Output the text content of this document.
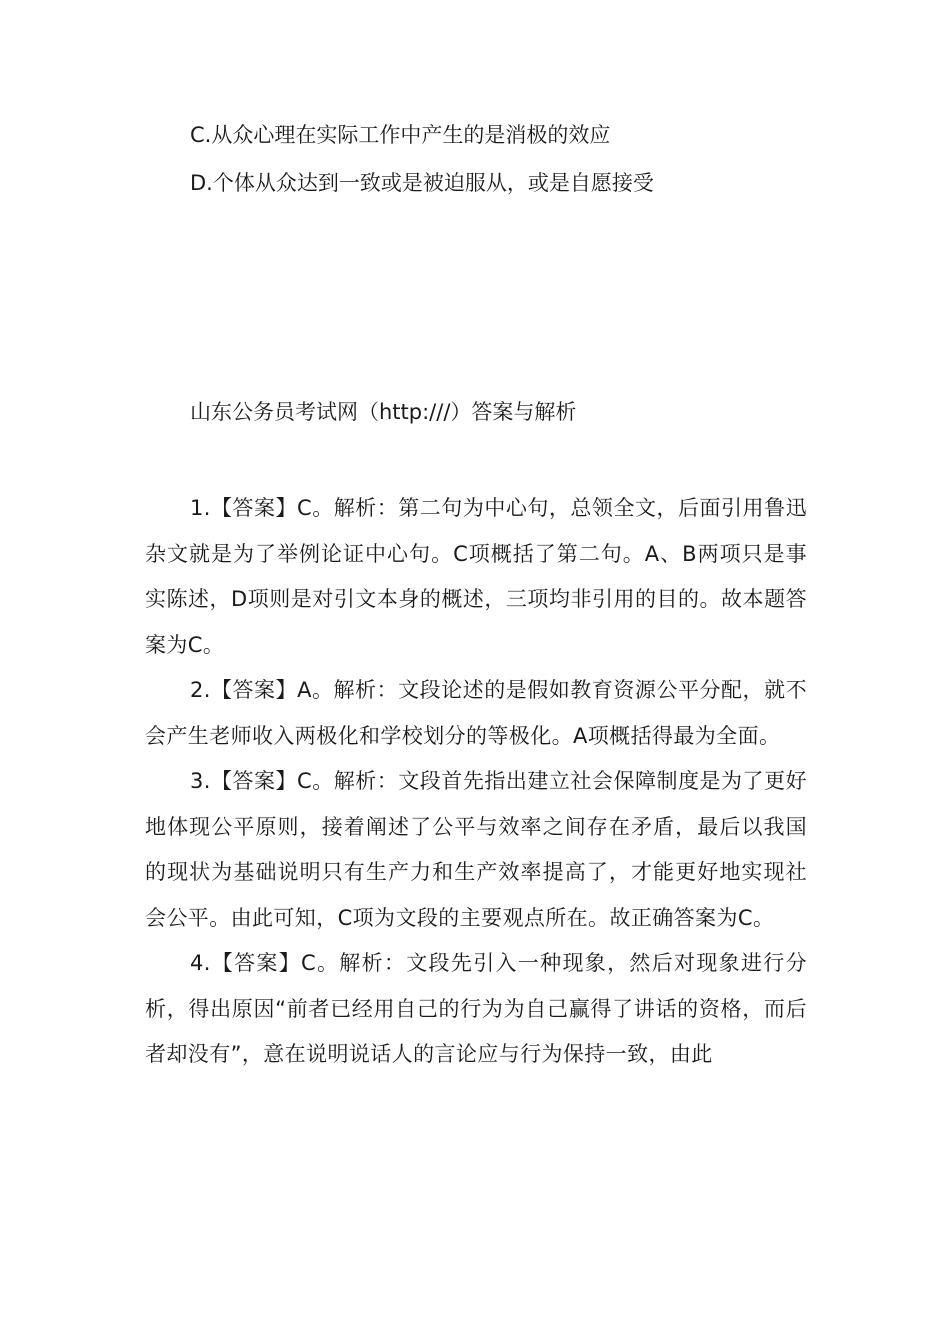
C.从众心理在实际工作中产生的是消极的效应
D.个体从众达到一致或是被迫服从，或是自愿接受
山东公务员考试网（http:///）答案与解析

1.【答案】C。解析：第二句为中心句，总领全文，后面引用鲁迅杂文就是为了举例论证中心句。C项概括了第二句。A、B两项只是事实陈述，D项则是对引文本身的概述，三项均非引用的目的。故本题答案为C。

2.【答案】A。解析：文段论述的是假如教育资源公平分配，就不会产生老师收入两极化和学校划分的等极化。A项概括得最为全面。

3.【答案】C。解析：文段首先指出建立社会保障制度是为了更好地体现公平原则，接着阐述了公平与效率之间存在矛盾，最后以我国的现状为基础说明只有生产力和生产效率提高了，才能更好地实现社会公平。由此可知，C项为文段的主要观点所在。故正确答案为C。

4.【答案】C。解析：文段先引入一种现象，然后对现象进行分析，得出原因“前者已经用自己的行为为自己赢得了讲话的资格，而后者却没有”，意在说明说话人的言论应与行为保持一致，由此
